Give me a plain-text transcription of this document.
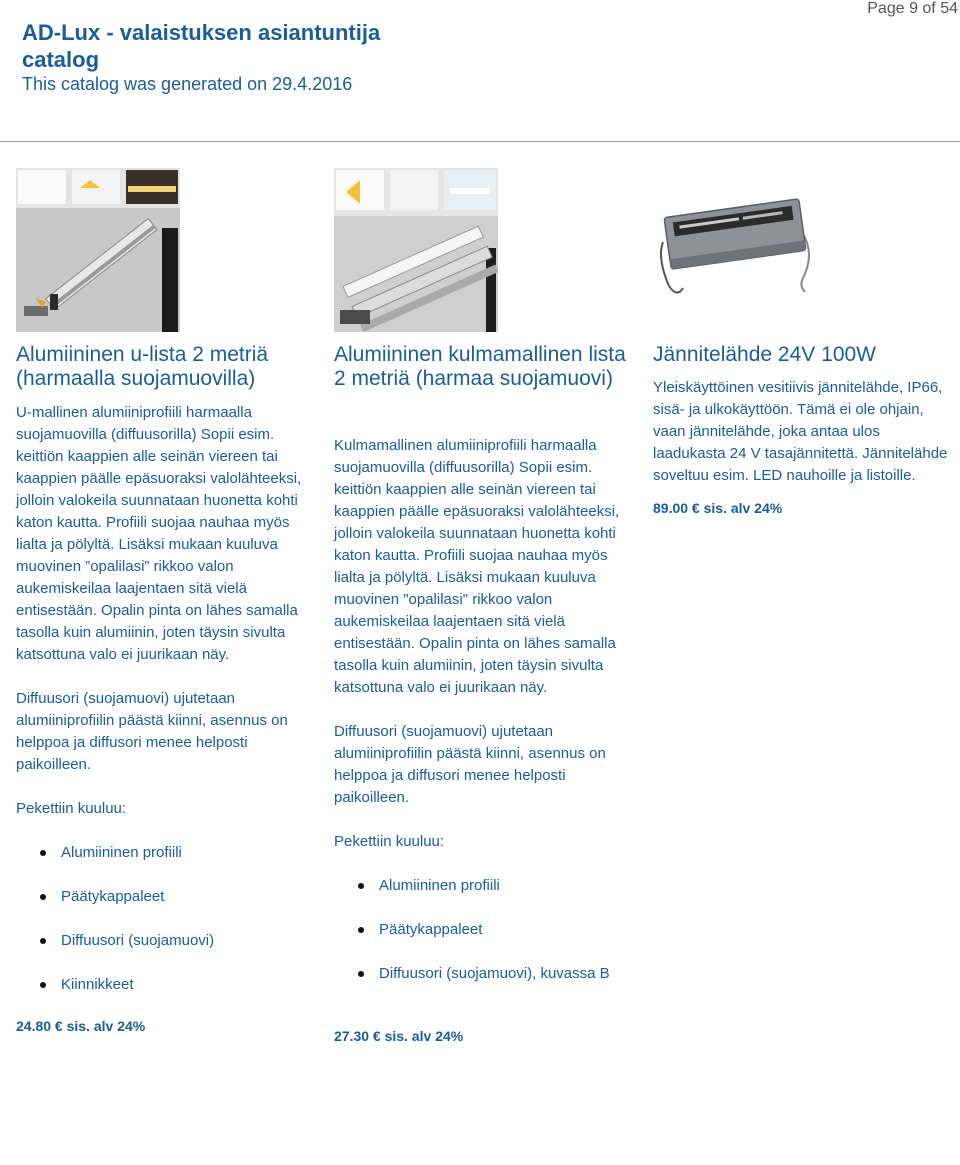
AD-Lux - valaistuksen asiantuntija catalog
This catalog was generated on 29.4.2016
Page 9 of 54
Alumiininen u-lista 2 metriä (harmaalla suojamuovilla)
U-mallinen alumiiniprofiili harmaalla suojamuovilla (diffuusorilla) Sopii esim. keittiön kaappien alle seinän viereen tai kaappien päälle epäsuoraksi valolähteeksi, jolloin valokeila suunnataan huonetta kohti katon kautta. Profiili suojaa nauhaa myös lialta ja pölyltä. Lisäksi mukaan kuuluva muovinen ”opalilasi” rikkoo valon aukemiskeilaa laajentaen sitä vielä entisestään. Opalin pinta on lähes samalla tasolla kuin alumiinin, joten täysin sivulta katsottuna valo ei juurikaan näy.
Diffuusori (suojamuovi) ujutetaan alumiiniprofiilin päästä kiinni, asennus on helppoa ja diffusori menee helposti paikoilleen.
Pekettiin kuuluu:
Alumiininen profiili
Päätykappaleet
Diffuusori (suojamuovi)
Kiinnikkeet
24.80 € sis. alv 24%
Alumiininen kulmamallinen lista 2 metriä (harmaa suojamuovi)
Kulmamallinen alumiiniprofiili harmaalla suojamuovilla (diffuusorilla) Sopii esim. keittiön kaappien alle seinän viereen tai kaappien päälle epäsuoraksi valolähteeksi, jolloin valokeila suunnataan huonetta kohti katon kautta. Profiili suojaa nauhaa myös lialta ja pölyltä. Lisäksi mukaan kuuluva muovinen "opalilasi" rikkoo valon aukemiskeilaa laajentaen sitä vielä entisestään. Opalin pinta on lähes samalla tasolla kuin alumiinin, joten täysin sivulta katsottuna valo ei juurikaan näy.
Diffuusori (suojamuovi) ujutetaan alumiiniprofiilin päästä kiinni, asennus on helppoa ja diffusori menee helposti paikoilleen.
Pekettiin kuuluu:
Alumiininen profiili
Päätykappaleet
Diffuusori (suojamuovi), kuvassa B
27.30 € sis. alv 24%
Jännitelähde 24V 100W
Yleiskäyttöinen vesitiivis jännitelähde, IP66, sisä- ja ulkokäyttöön. Tämä ei ole ohjain, vaan jännitelähde, joka antaa ulos laadukasta 24 V tasajännitettä. Jännitelähde soveltuu esim. LED nauhoille ja listoille.
89.00 € sis. alv 24%
